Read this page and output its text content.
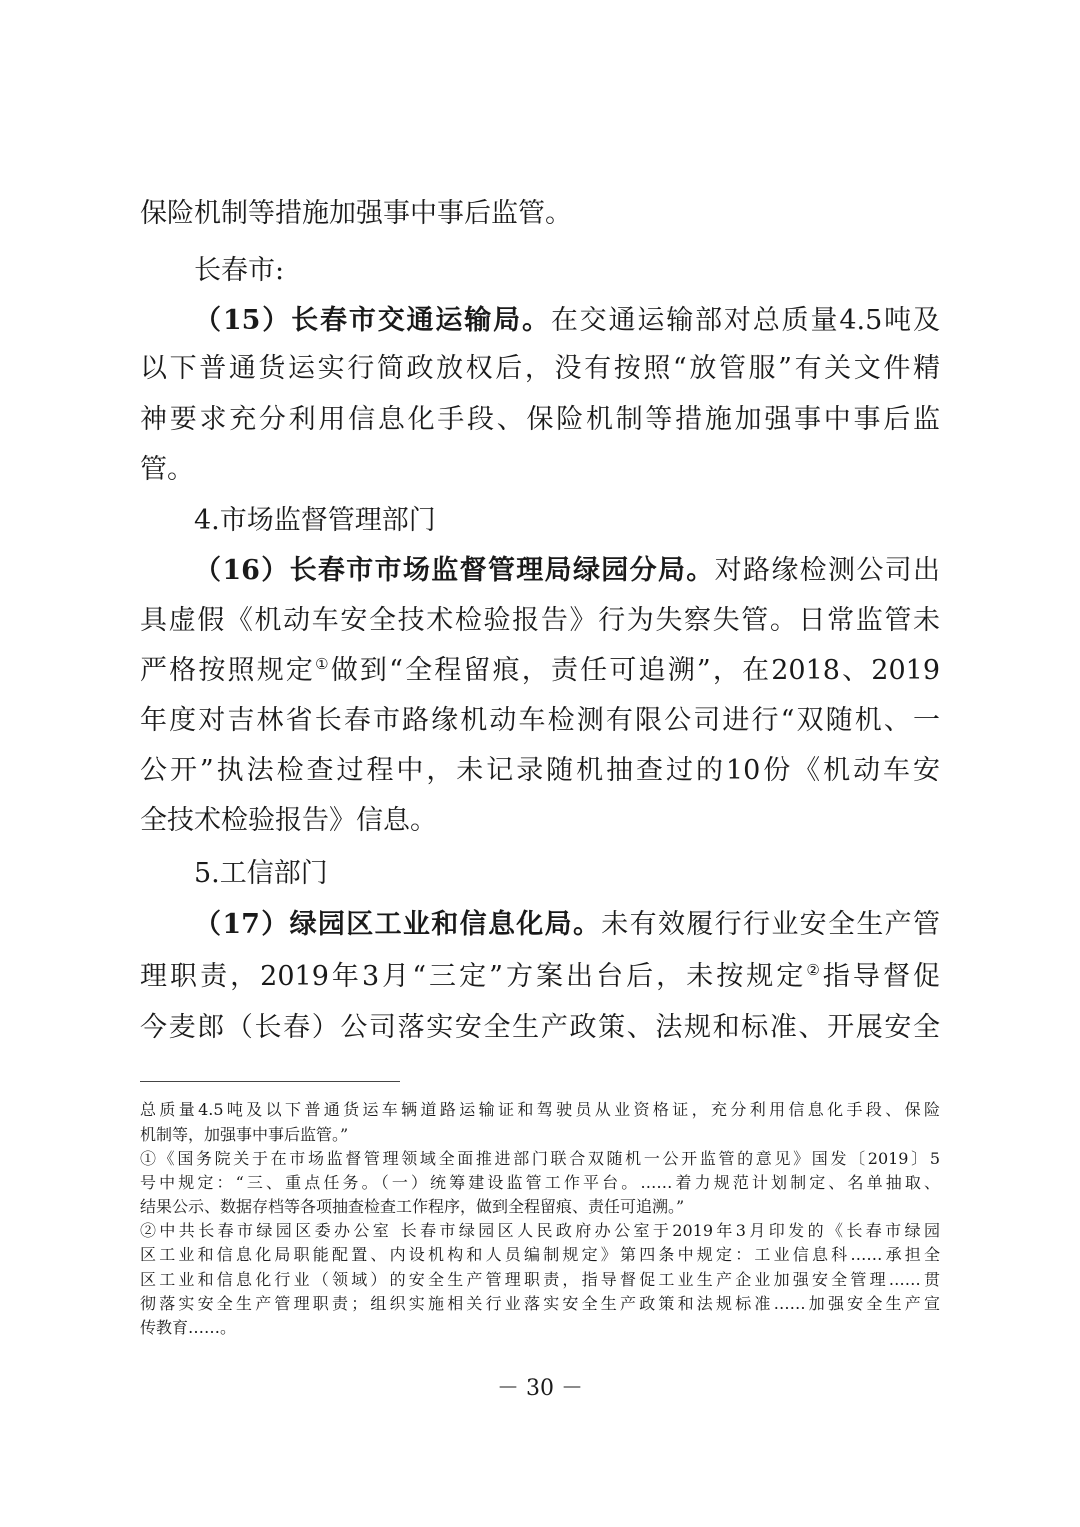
保险机制等措施加强事中事后监管。
长春市:
（15）长春市交通运输局。在交通运输部对总质量4.5吨及
以下普通货运实行简政放权后，没有按照“放管服”有关文件精
神要求充分利用信息化手段、保险机制等措施加强事中事后监
管。
4.市场监督管理部门
（16）长春市市场监督管理局绿园分局。对路缘检测公司出
具虚假《机动车安全技术检验报告》行为失察失管。日常监管未
严格按照规定①做到“全程留痕，责任可追溯”，在2018、2019
年度对吉林省长春市路缘机动车检测有限公司进行“双随机、一
公开”执法检查过程中，未记录随机抽查过的10份《机动车安
全技术检验报告》信息。
5.工信部门
（17）绿园区工业和信息化局。未有效履行行业安全生产管
理职责，2019年3月“三定”方案出台后，未按规定②指导督促
今麦郎（长春）公司落实安全生产政策、法规和标准、开展安全
总质量4.5吨及以下普通货运车辆道路运输证和驾驶员从业资格证，充分利用信息化手段、保险
机制等，加强事中事后监管。”
①《国务院关于在市场监督管理领域全面推进部门联合双随机一公开监管的意见》国发〔2019〕5
号中规定：“三、重点任务。（一）统筹建设监管工作平台。……着力规范计划制定、名单抽取、
结果公示、数据存档等各项抽查检查工作程序，做到全程留痕、责任可追溯。”
②中共长春市绿园区委办公室 长春市绿园区人民政府办公室于2019年3月印发的《长春市绿园
区工业和信息化局职能配置、内设机构和人员编制规定》第四条中规定：工业信息科……承担全
区工业和信息化行业（领域）的安全生产管理职责，指导督促工业生产企业加强安全管理……贯
彻落实安全生产管理职责；组织实施相关行业落实安全生产政策和法规标准……加强安全生产宣
传教育……。
－ 30 －
